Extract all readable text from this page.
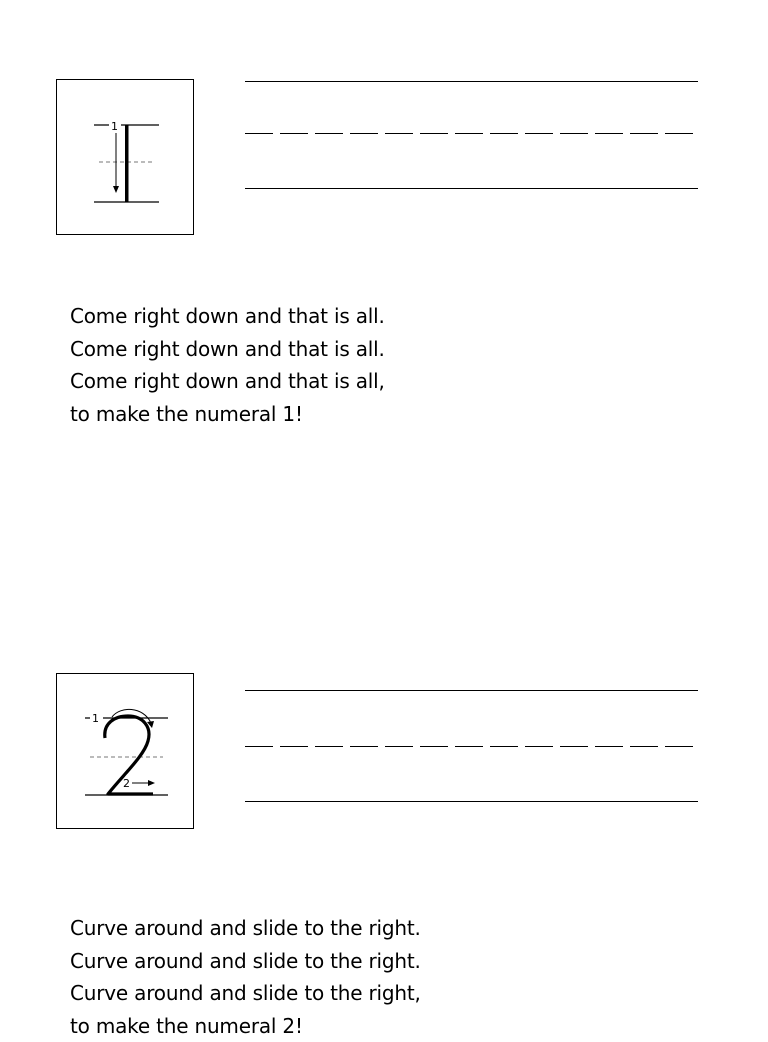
1
Come right down and that is all.
Come right down and that is all.
Come right down and that is all,
to make the numeral 1!
1
2
Curve around and slide to the right.
Curve around and slide to the right.
Curve around and slide to the right,
to make the numeral 2!
